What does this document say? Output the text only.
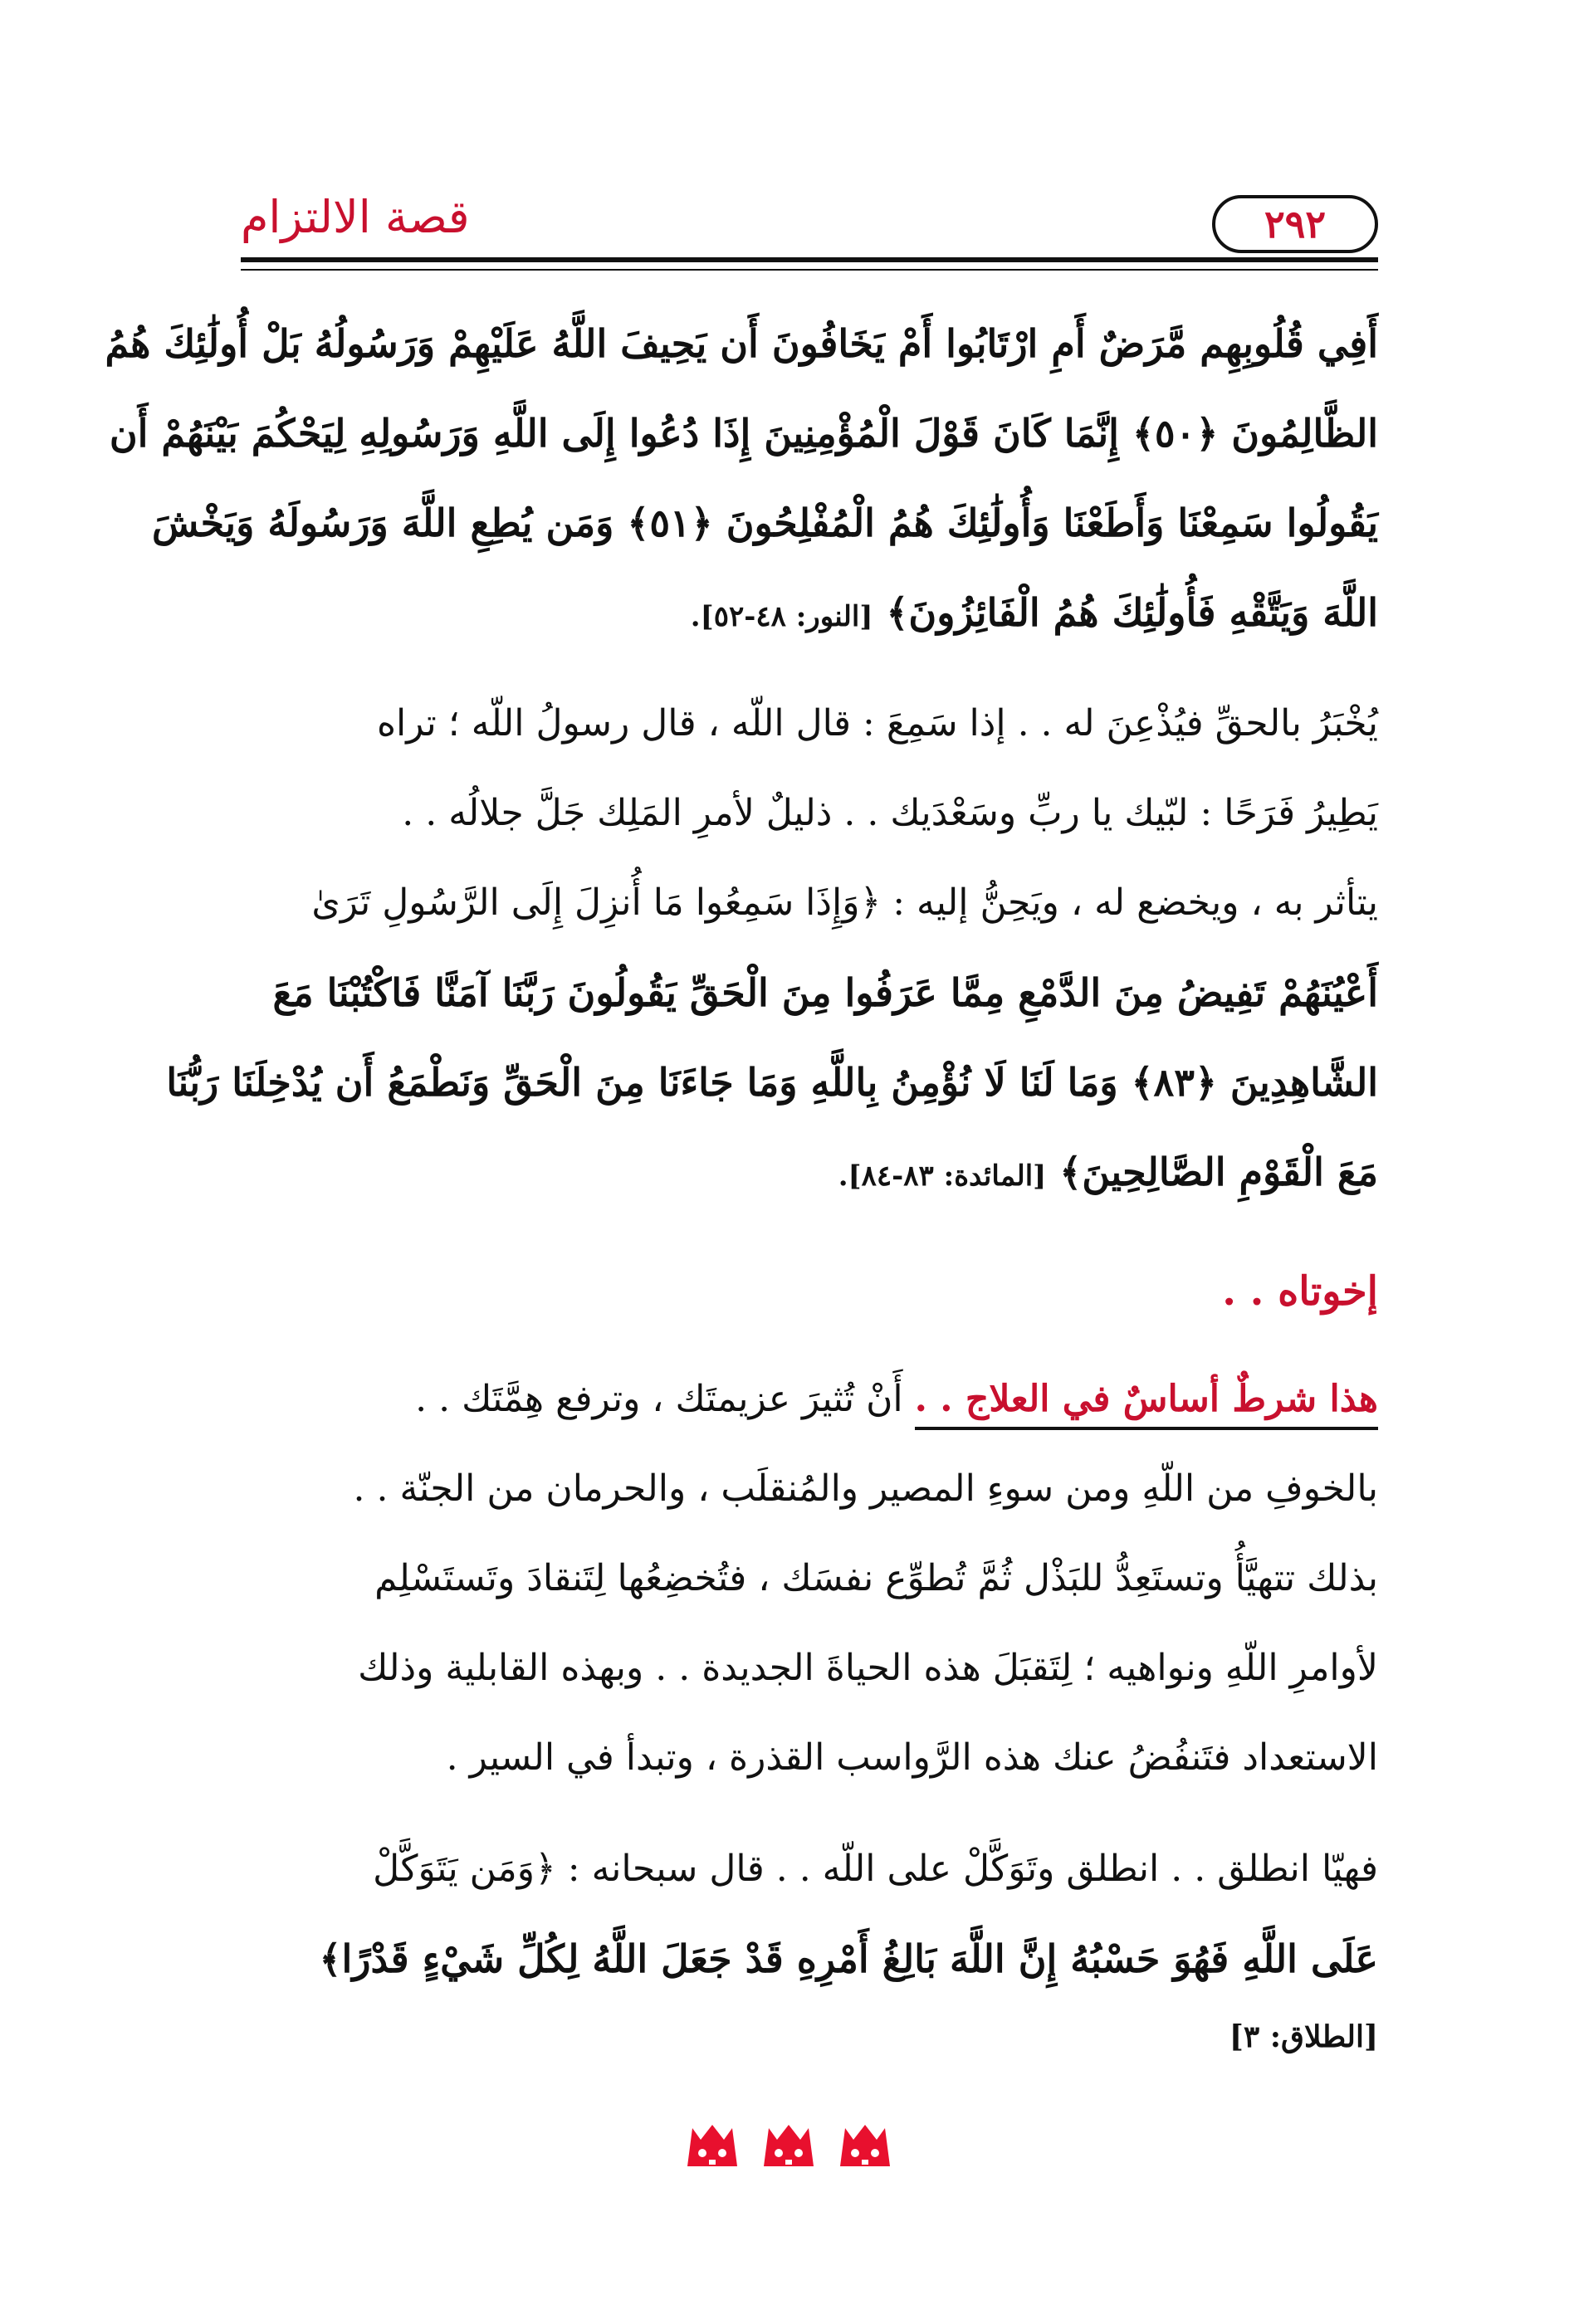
قصة الالتزام	٢٩٢
أَفِي قُلُوبِهِم مَّرَضٌ أَمِ ارْتَابُوا أَمْ يَخَافُونَ أَن يَحِيفَ اللَّهُ عَلَيْهِمْ وَرَسُولُهُ بَلْ أُولَٰئِكَ هُمُ
الظَّالِمُونَ ﴿٥٠﴾ إِنَّمَا كَانَ قَوْلَ الْمُؤْمِنِينَ إِذَا دُعُوا إِلَى اللَّهِ وَرَسُولِهِ لِيَحْكُمَ بَيْنَهُمْ أَن
يَقُولُوا سَمِعْنَا وَأَطَعْنَا وَأُولَٰئِكَ هُمُ الْمُفْلِحُونَ ﴿٥١﴾ وَمَن يُطِعِ اللَّهَ وَرَسُولَهُ وَيَخْشَ
اللَّهَ وَيَتَّقْهِ فَأُولَٰئِكَ هُمُ الْفَائِزُونَ﴾ [النور: ٤٨-٥٢].
يُخْبَرُ بالحقِّ فيُذْعِنَ له . . إذا سَمِعَ : قال اللّه ، قال رسولُ اللّه ؛ تراه
يَطِيرُ فَرَحًا : لبّيك يا ربِّ وسَعْدَيك . . ذليلٌ لأمرِ المَلِك جَلَّ جلالُه . .
يتأثر به ، ويخضع له ، ويَحِنُّ إليه : ﴿وَإِذَا سَمِعُوا مَا أُنزِلَ إِلَى الرَّسُولِ تَرَىٰ
أَعْيُنَهُمْ تَفِيضُ مِنَ الدَّمْعِ مِمَّا عَرَفُوا مِنَ الْحَقِّ يَقُولُونَ رَبَّنَا آمَنَّا فَاكْتُبْنَا مَعَ
الشَّاهِدِينَ ﴿٨٣﴾ وَمَا لَنَا لَا نُؤْمِنُ بِاللَّهِ وَمَا جَاءَنَا مِنَ الْحَقِّ وَنَطْمَعُ أَن يُدْخِلَنَا رَبُّنَا
مَعَ الْقَوْمِ الصَّالِحِينَ﴾ [المائدة: ٨٣-٨٤].
إخوتاه . .
هذا شرطٌ أساسٌ في العلاج . . أَنْ تُثيرَ عزيمتَك ، وترفع هِمَّتَك . .
بالخوفِ من اللّهِ ومن سوءِ المصير والمُنقلَب ، والحرمان من الجنّة . .
بذلك تتهيَّأُ وتستَعِدُّ للبَذْل ثُمَّ تُطوِّع نفسَك ، فتُخضِعُها لِتَنقادَ وتَستَسْلِم
لأوامرِ اللّهِ ونواهيه ؛ لِتَقبَلَ هذه الحياةَ الجديدة . . وبهذه القابلية وذلك
الاستعداد فتَنفُضُ عنك هذه الرَّواسب القذرة ، وتبدأ في السير .
فهيّا انطلق . . انطلق وتَوَكَّلْ على اللّه . . قال سبحانه : ﴿وَمَن يَتَوَكَّلْ
عَلَى اللَّهِ فَهُوَ حَسْبُهُ إِنَّ اللَّهَ بَالِغُ أَمْرِهِ قَدْ جَعَلَ اللَّهُ لِكُلِّ شَيْءٍ قَدْرًا﴾
[الطلاق: ٣]
